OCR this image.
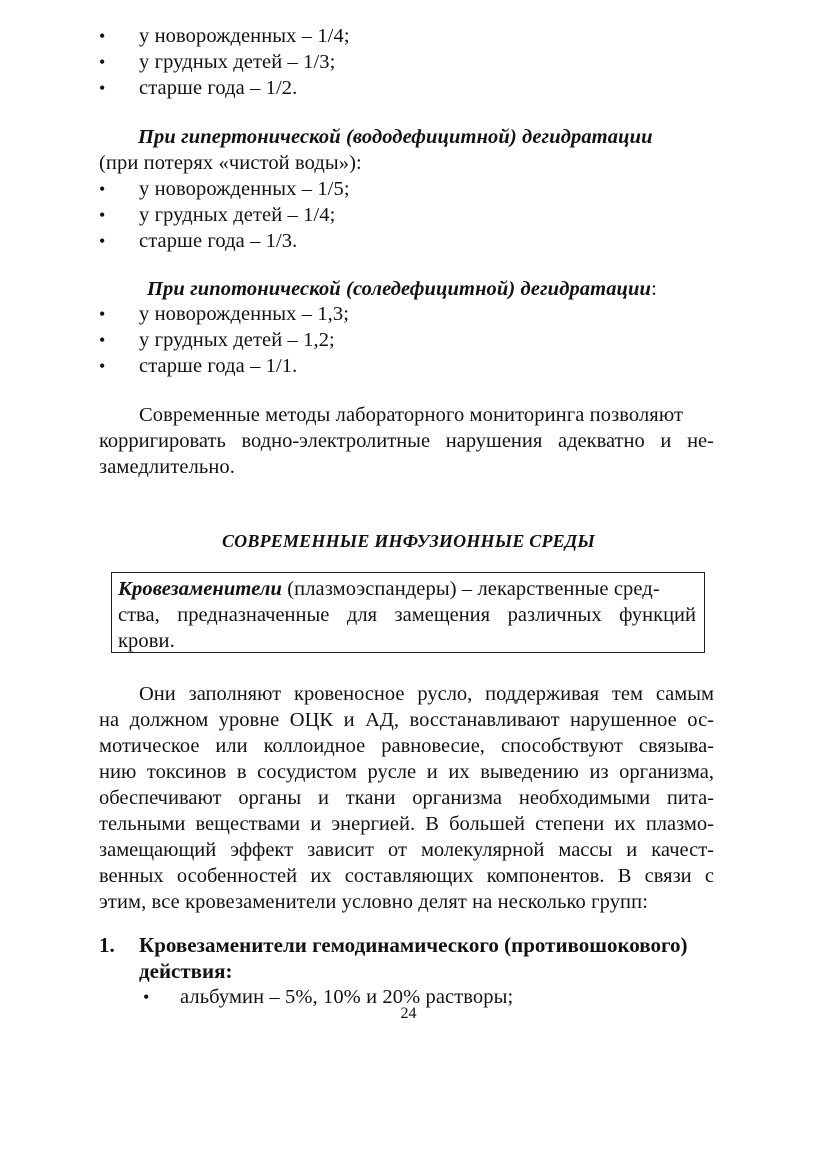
• у новорожденных – 1/4;
• у грудных детей – 1/3;
• старше года – 1/2.
При гипертонической (вододефицитной) дегидратации
(при потерях «чистой воды»):
• у новорожденных – 1/5;
• у грудных детей – 1/4;
• старше года – 1/3.
При гипотонической (соледефицитной) дегидратации:
• у новорожденных – 1,3;
• у грудных детей – 1,2;
• старше года – 1/1.
Современные методы лабораторного мониторинга позволяют
корригировать водно-электролитные нарушения адекватно и не-
замедлительно.
СОВРЕМЕННЫЕ ИНФУЗИОННЫЕ СРЕДЫ
Кровезаменители (плазмоэспандеры) – лекарственные сред-
ства, предназначенные для замещения различных функций
крови.
Они заполняют кровеносное русло, поддерживая тем самым
на должном уровне ОЦК и АД, восстанавливают нарушенное ос-
мотическое или коллоидное равновесие, способствуют связыва-
нию токсинов в сосудистом русле и их выведению из организма,
обеспечивают органы и ткани организма необходимыми пита-
тельными веществами и энергией. В большей степени их плазмо-
замещающий эффект зависит от молекулярной массы и качест-
венных особенностей их составляющих компонентов. В связи с
этим, все кровезаменители условно делят на несколько групп:
1. Кровезаменители гемодинамического (противошокового)
действия:
• альбумин – 5%, 10% и 20% растворы;
24
